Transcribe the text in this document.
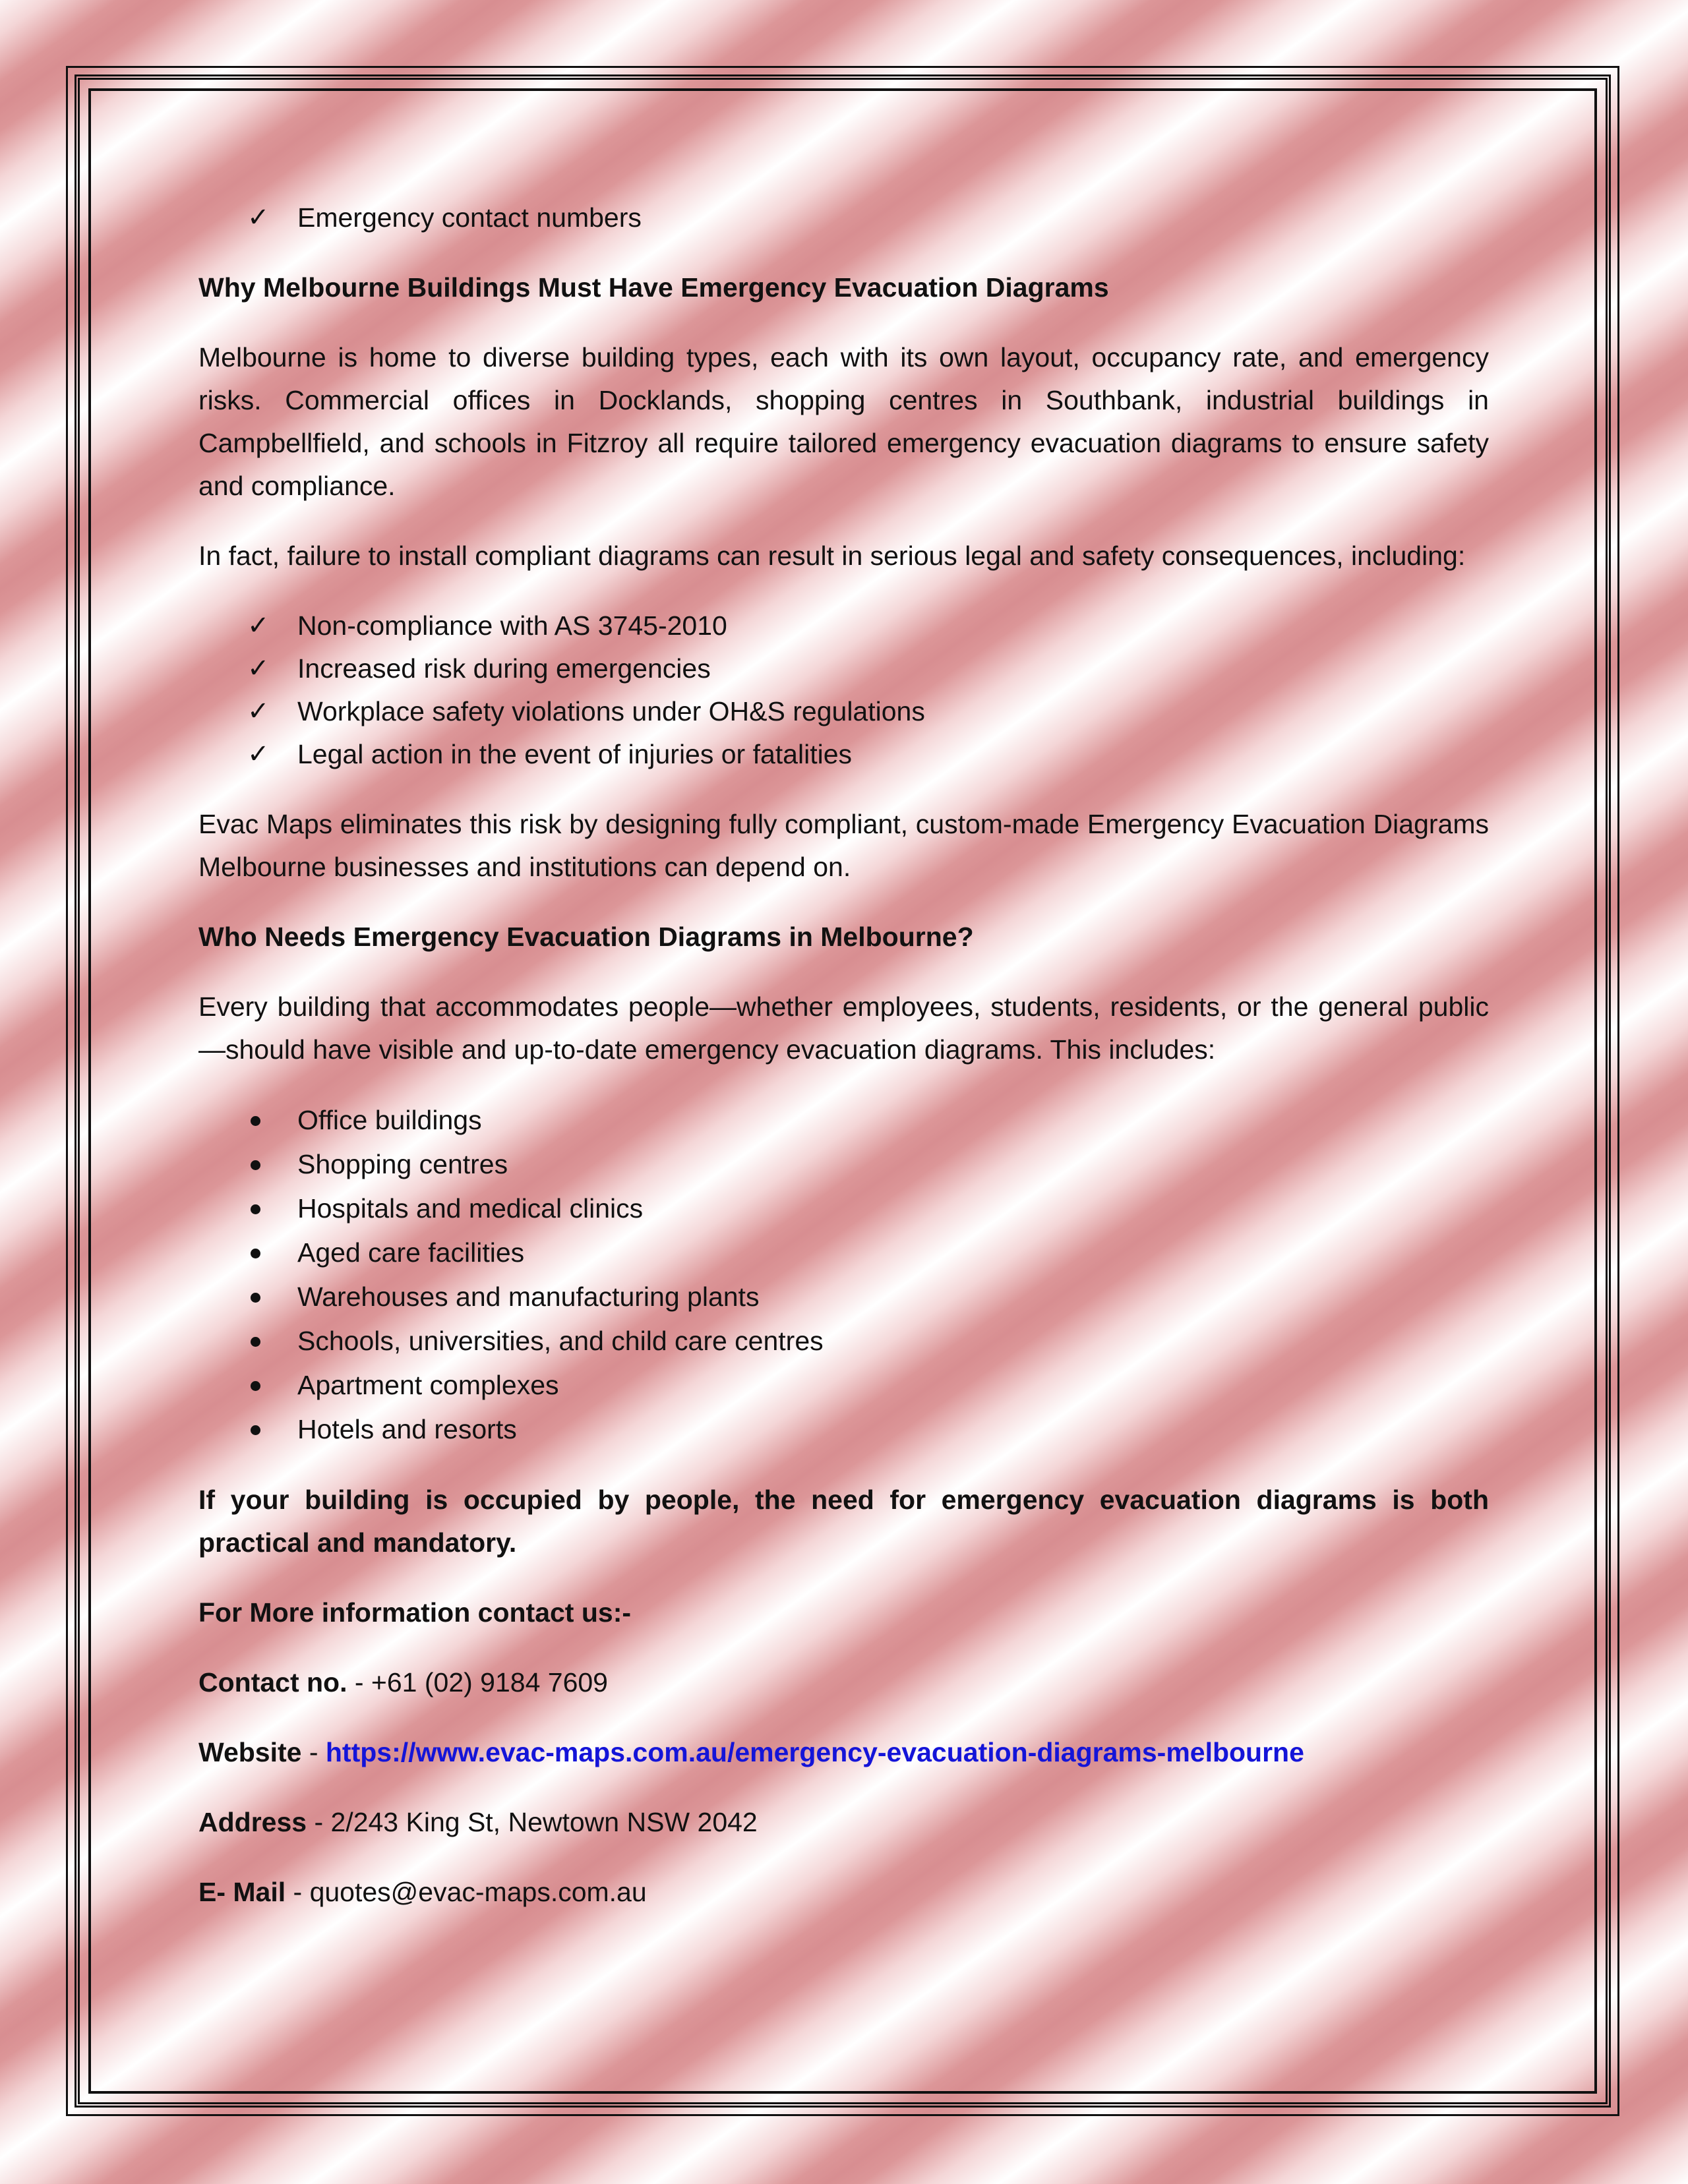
✓ Emergency contact numbers

Why Melbourne Buildings Must Have Emergency Evacuation Diagrams

Melbourne is home to diverse building types, each with its own layout, occupancy rate, and emergency risks. Commercial offices in Docklands, shopping centres in Southbank, industrial buildings in Campbellfield, and schools in Fitzroy all require tailored emergency evacuation diagrams to ensure safety and compliance.

In fact, failure to install compliant diagrams can result in serious legal and safety consequences, including:

✓ Non-compliance with AS 3745-2010
✓ Increased risk during emergencies
✓ Workplace safety violations under OH&S regulations
✓ Legal action in the event of injuries or fatalities

Evac Maps eliminates this risk by designing fully compliant, custom-made Emergency Evacuation Diagrams Melbourne businesses and institutions can depend on.

Who Needs Emergency Evacuation Diagrams in Melbourne?

Every building that accommodates people—whether employees, students, residents, or the general public—should have visible and up-to-date emergency evacuation diagrams. This includes:

Office buildings
Shopping centres
Hospitals and medical clinics
Aged care facilities
Warehouses and manufacturing plants
Schools, universities, and child care centres
Apartment complexes
Hotels and resorts

If your building is occupied by people, the need for emergency evacuation diagrams is both practical and mandatory.

For More information contact us:-

Contact no. - +61 (02) 9184 7609

Website - https://www.evac-maps.com.au/emergency-evacuation-diagrams-melbourne

Address - 2/243 King St, Newtown NSW 2042

E- Mail - quotes@evac-maps.com.au
